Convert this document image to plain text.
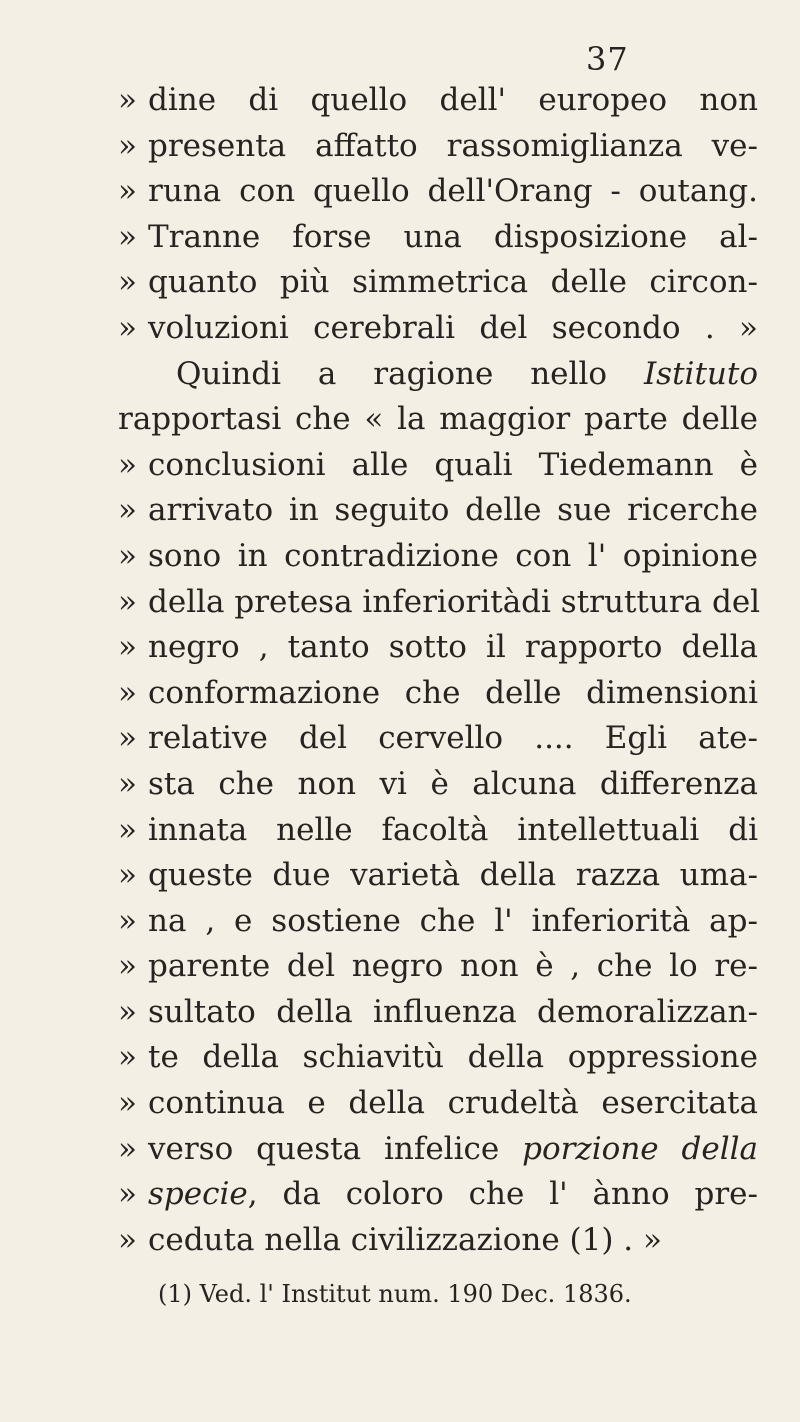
37
» dine di quello dell' europeo non
» presenta affatto rassomiglianza ve-
» runa con quello dell'Orang - outang.
» Tranne forse una disposizione al-
» quanto più simmetrica delle circon-
» voluzioni cerebrali del secondo . »
Quindi a ragione nello Istituto
rapportasi che « la maggior parte delle
» conclusioni alle quali Tiedemann è
» arrivato in seguito delle sue ricerche
» sono in contradizione con l' opinione
» della pretesa inferioritàdi struttura del
» negro , tanto sotto il rapporto della
» conformazione che delle dimensioni
» relative del cervello .... Egli ate-
» sta che non vi è alcuna differenza
» innata nelle facoltà intellettuali di
» queste due varietà della razza uma-
» na , e sostiene che l' inferiorità ap-
» parente del negro non è , che lo re-
» sultato della influenza demoralizzan-
» te della schiavitù della oppressione
» continua e della crudeltà esercitata
» verso questa infelice porzione della
» specie, da coloro che l' ànno pre-
» ceduta nella civilizzazione (1) . »
(1) Ved. l' Institut num. 190 Dec. 1836.
